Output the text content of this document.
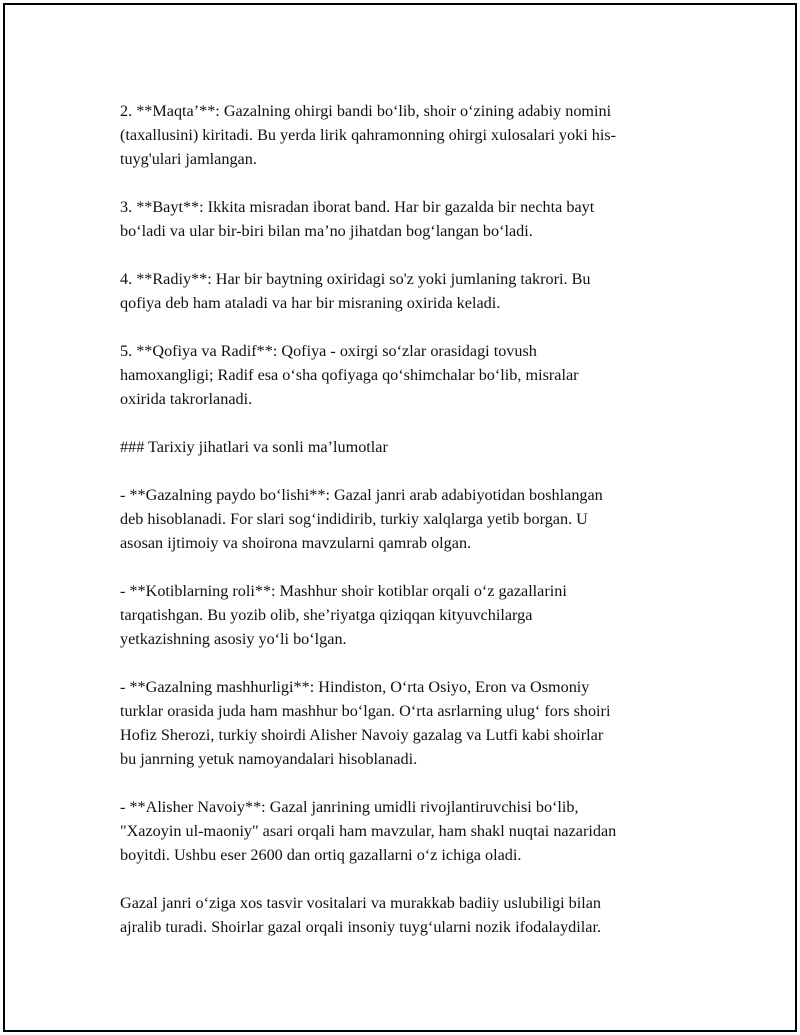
2. **Maqta’**: Gazalning ohirgi bandi bo‘lib, shoir o‘zining adabiy nomini
(taxallusini) kiritadi. Bu yerda lirik qahramonning ohirgi xulosalari yoki his-
tuyg'ulari jamlangan.

3. **Bayt**: Ikkita misradan iborat band. Har bir gazalda bir nechta bayt
bo‘ladi va ular bir-biri bilan ma’no jihatdan bog‘langan bo‘ladi.

4. **Radiy**: Har bir baytning oxiridagi so'z yoki jumlaning takrori. Bu
qofiya deb ham ataladi va har bir misraning oxirida keladi.

5. **Qofiya va Radif**: Qofiya - oxirgi so‘zlar orasidagi tovush
hamoxangligi; Radif esa o‘sha qofiyaga qo‘shimchalar bo‘lib, misralar
oxirida takrorlanadi.

### Tarixiy jihatlari va sonli ma’lumotlar

- **Gazalning paydo bo‘lishi**: Gazal janri arab adabiyotidan boshlangan
deb hisoblanadi. For slari sog‘indidirib, turkiy xalqlarga yetib borgan. U
asosan ijtimoiy va shoirona mavzularni qamrab olgan.

- **Kotiblarning roli**: Mashhur shoir kotiblar orqali o‘z gazallarini
tarqatishgan. Bu yozib olib, she’riyatga qiziqqan kityuvchilarga
yetkazishning asosiy yo‘li bo‘lgan.

- **Gazalning mashhurligi**: Hindiston, O‘rta Osiyo, Eron va Osmoniy
turklar orasida juda ham mashhur bo‘lgan. O‘rta asrlarning ulug‘ fors shoiri
Hofiz Sherozi, turkiy shoirdi Alisher Navoiy gazalag va Lutfi kabi shoirlar
bu janrning yetuk namoyandalari hisoblanadi.

- **Alisher Navoiy**: Gazal janrining umidli rivojlantiruvchisi bo‘lib,
"Xazoyin ul-maoniy" asari orqali ham mavzular, ham shakl nuqtai nazaridan
boyitdi. Ushbu eser 2600 dan ortiq gazallarni o‘z ichiga oladi.

Gazal janri o‘ziga xos tasvir vositalari va murakkab badiiy uslubiligi bilan
ajralib turadi. Shoirlar gazal orqali insoniy tuyg‘ularni nozik ifodalaydilar.
